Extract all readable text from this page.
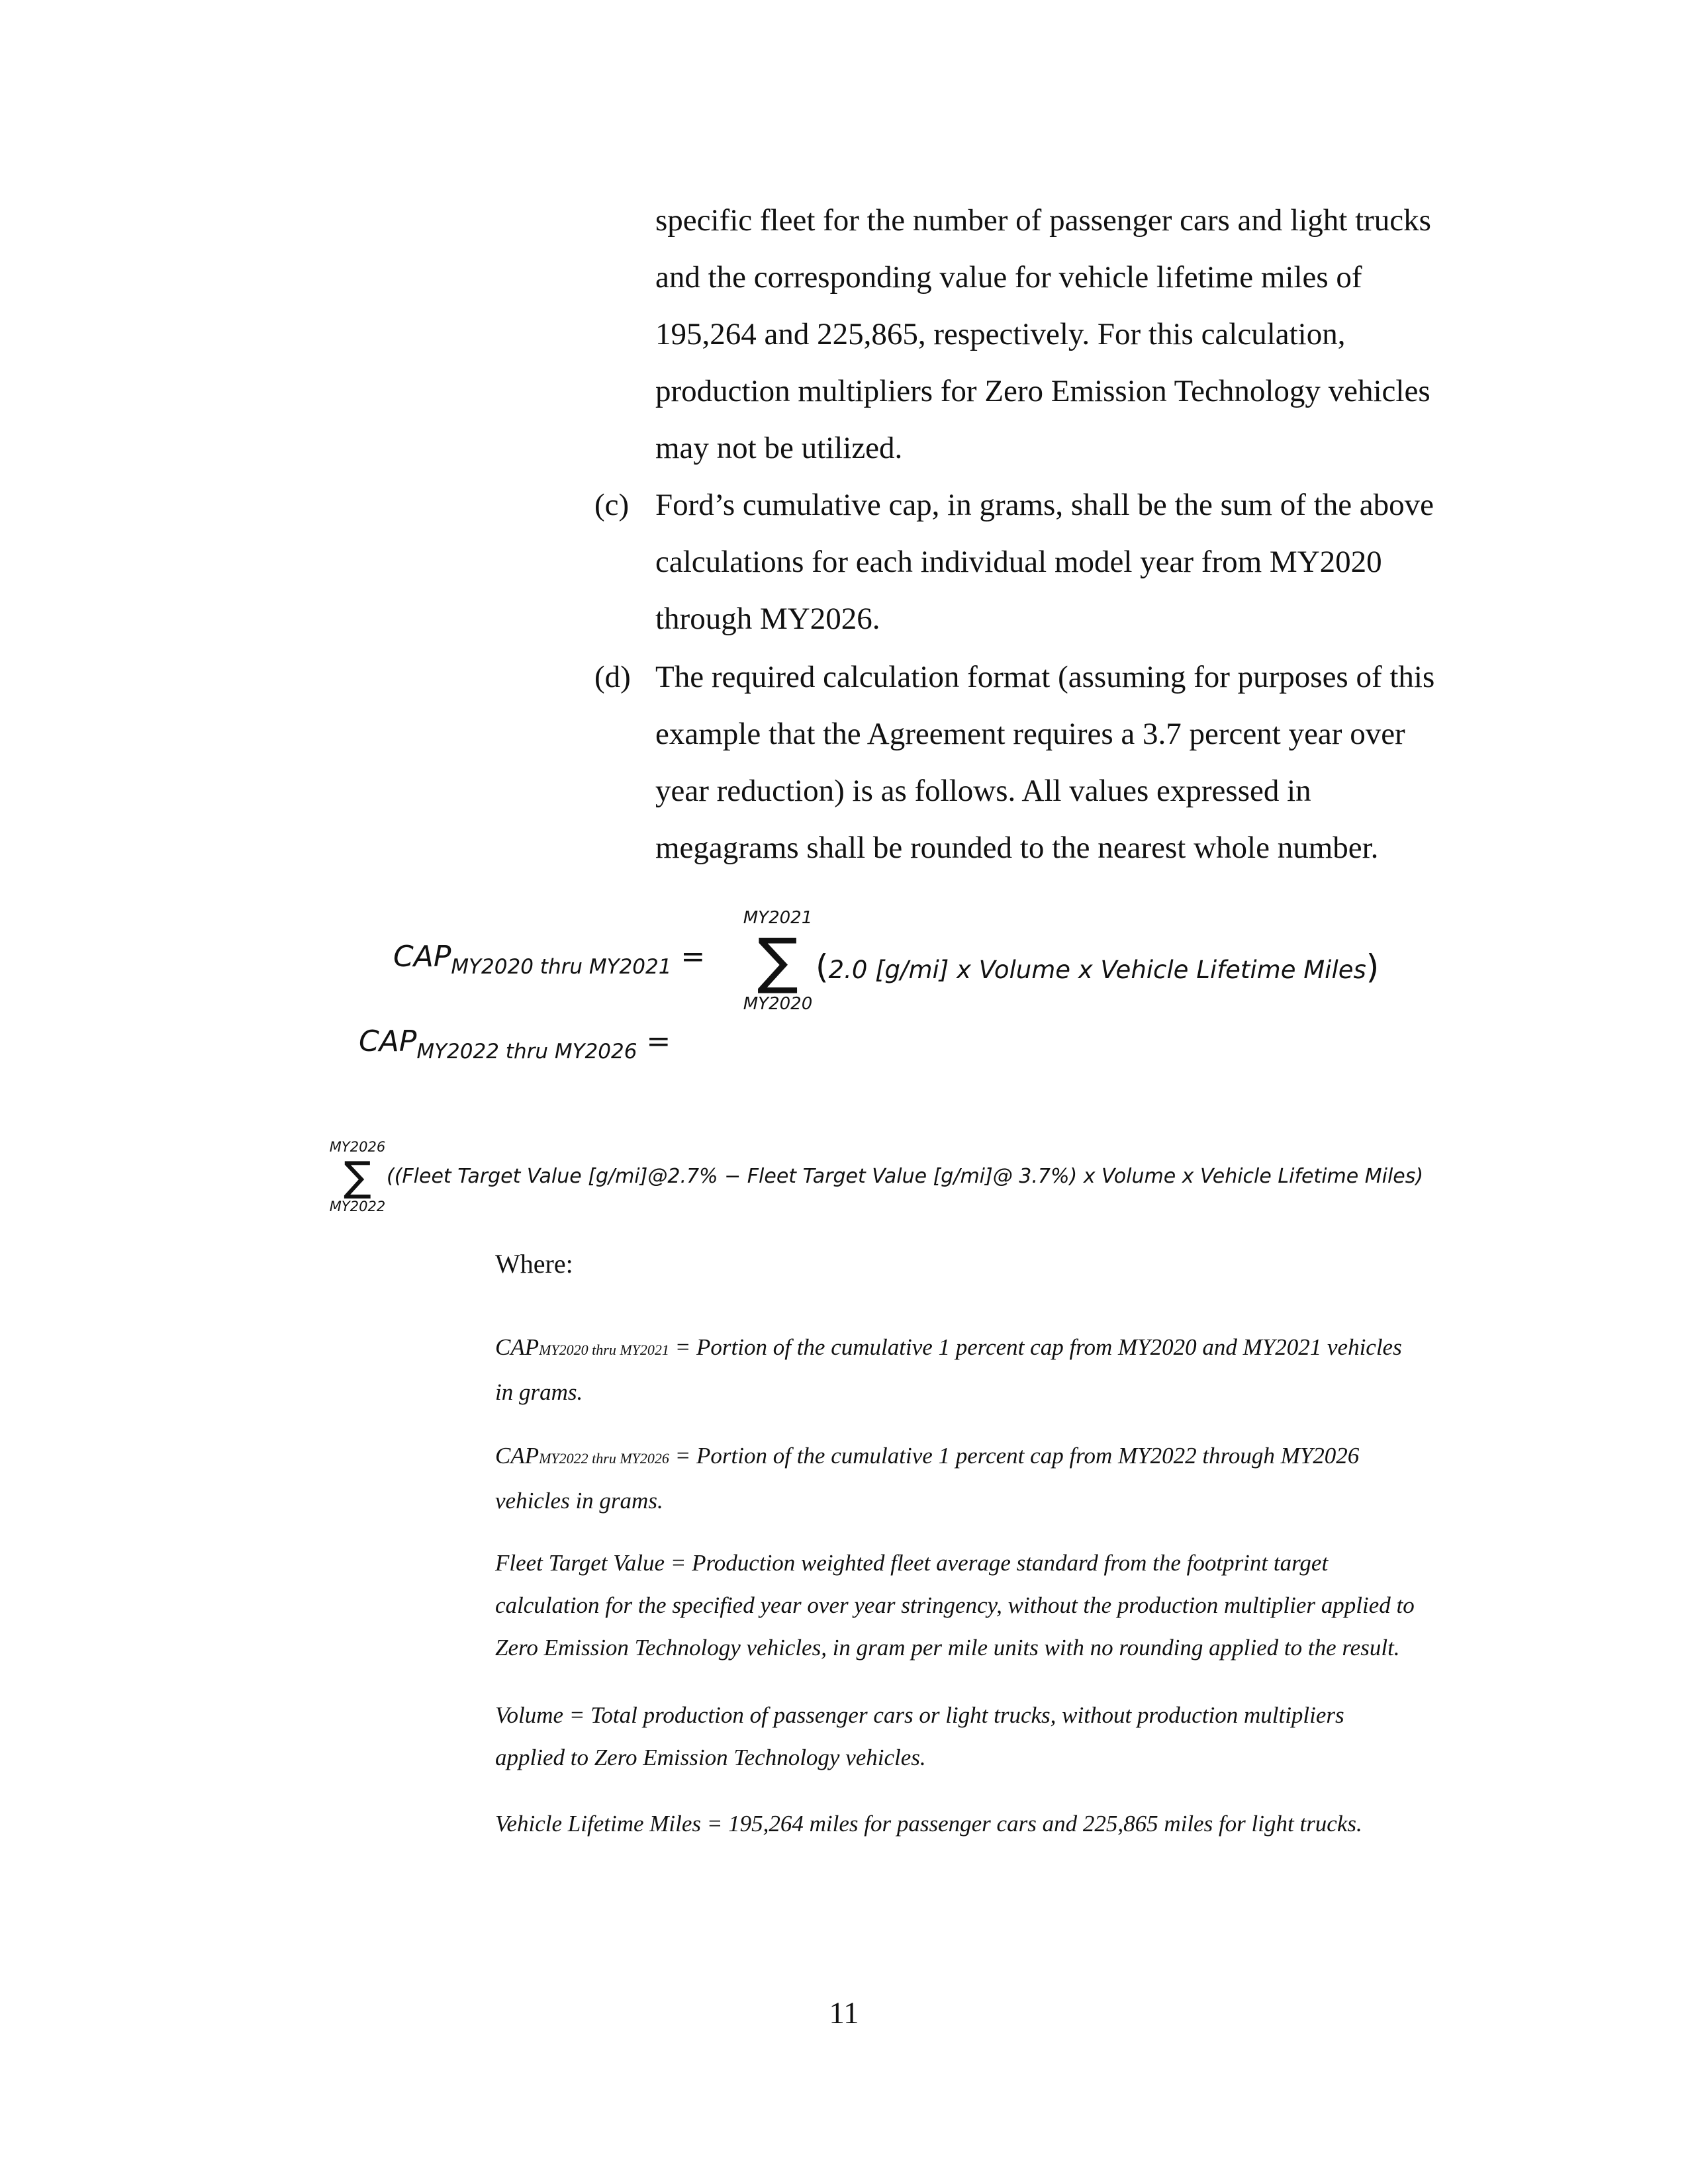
specific fleet for the number of passenger cars and light trucks
and the corresponding value for vehicle lifetime miles of
195,264 and 225,865, respectively. For this calculation,
production multipliers for Zero Emission Technology vehicles
may not be utilized.

(c) Ford’s cumulative cap, in grams, shall be the sum of the above
calculations for each individual model year from MY2020
through MY2026.

(d) The required calculation format (assuming for purposes of this
example that the Agreement requires a 3.7 percent year over
year reduction) is as follows. All values expressed in
megagrams shall be rounded to the nearest whole number.

$CAP_{MY2020 thru MY2021}$ =
MY2021
∑
MY2020
(2.0 [g/mi] x Volume x Vehicle Lifetime Miles)
$CAP_{MY2022 thru MY2026}$ =
MY2026
∑
MY2022
((Fleet Target Value [g/mi]@2.7% − Fleet Target Value [g/mi]@ 3.7%) x Volume x Vehicle Lifetime Miles)

Where:

CAPMY2020 thru MY2021 = Portion of the cumulative 1 percent cap from MY2020 and MY2021 vehicles
in grams.

CAPMY2022 thru MY2026 = Portion of the cumulative 1 percent cap from MY2022 through MY2026
vehicles in grams.

Fleet Target Value = Production weighted fleet average standard from the footprint target
calculation for the specified year over year stringency, without the production multiplier applied to
Zero Emission Technology vehicles, in gram per mile units with no rounding applied to the result.

Volume = Total production of passenger cars or light trucks, without production multipliers
applied to Zero Emission Technology vehicles.

Vehicle Lifetime Miles = 195,264 miles for passenger cars and 225,865 miles for light trucks.

11
